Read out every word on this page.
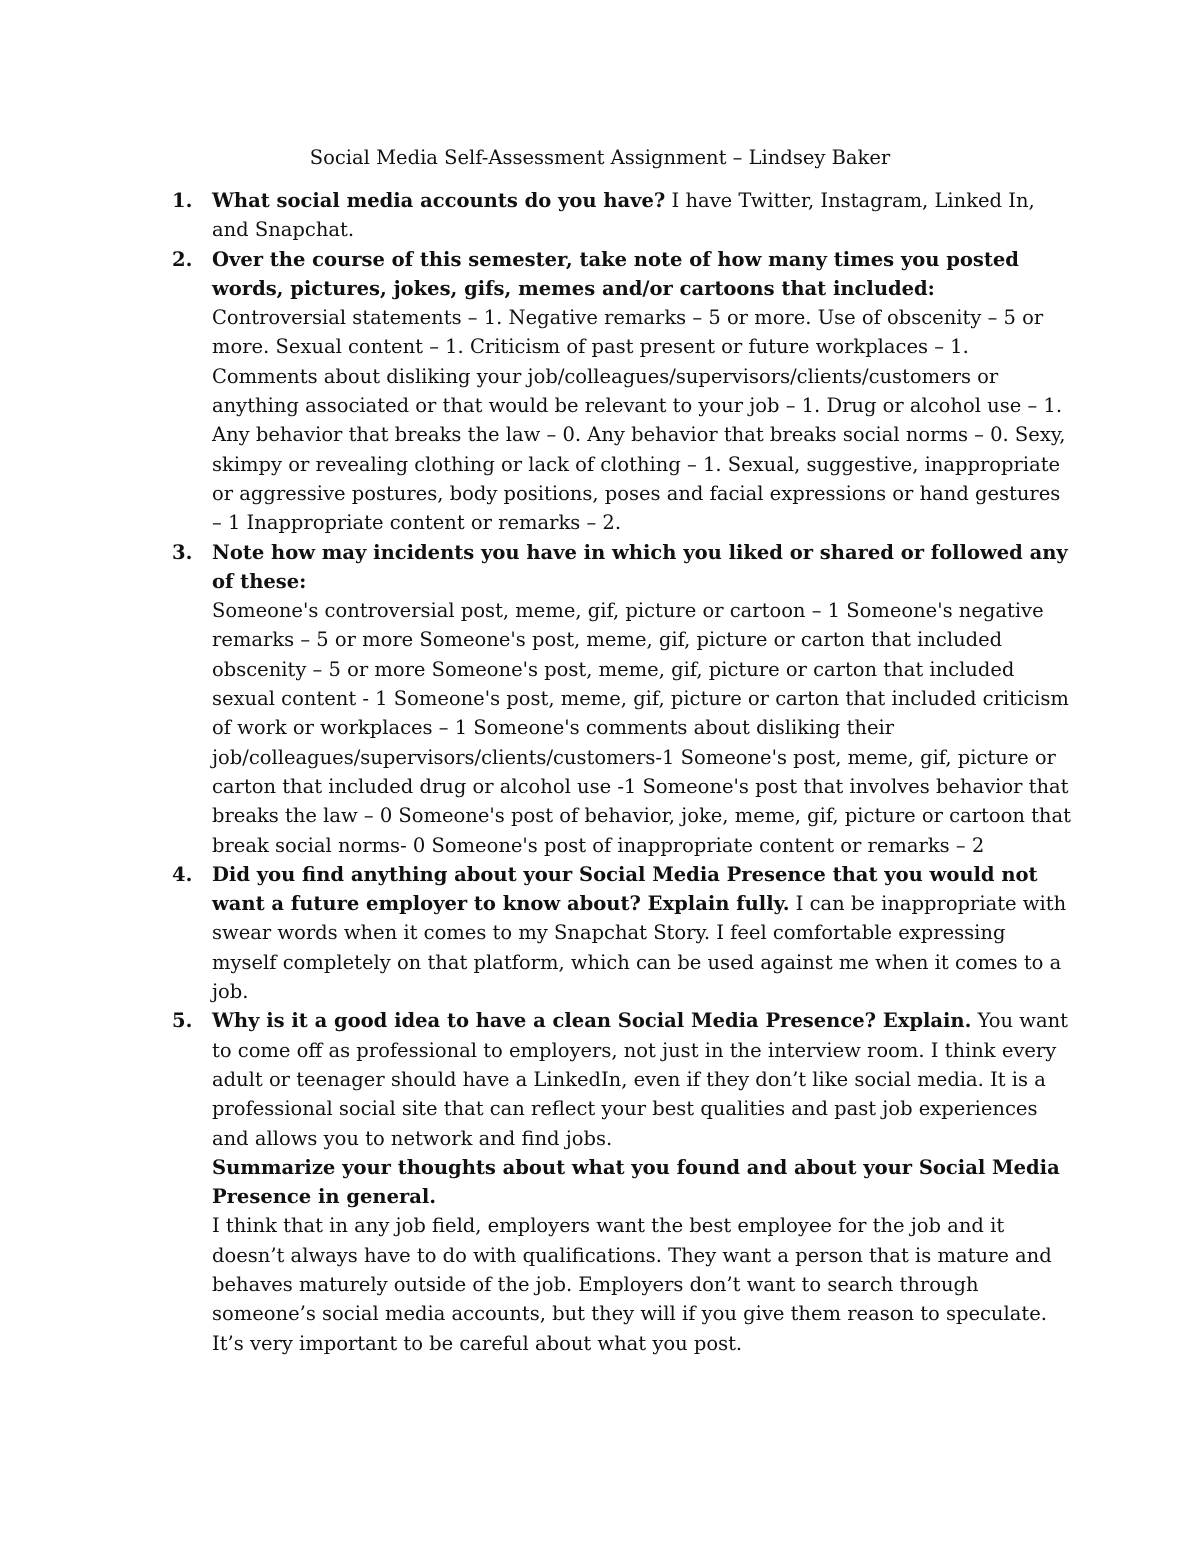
Social Media Self-Assessment Assignment – Lindsey Baker
1. What social media accounts do you have? I have Twitter, Instagram, Linked In, and Snapchat.
2. Over the course of this semester, take note of how many times you posted words, pictures, jokes, gifs, memes and/or cartoons that included:
Controversial statements – 1. Negative remarks – 5 or more. Use of obscenity – 5 or more. Sexual content – 1. Criticism of past present or future workplaces – 1. Comments about disliking your job/colleagues/supervisors/clients/customers or anything associated or that would be relevant to your job – 1. Drug or alcohol use – 1. Any behavior that breaks the law – 0. Any behavior that breaks social norms – 0. Sexy, skimpy or revealing clothing or lack of clothing – 1. Sexual, suggestive, inappropriate or aggressive postures, body positions, poses and facial expressions or hand gestures – 1 Inappropriate content or remarks – 2.
3. Note how may incidents you have in which you liked or shared or followed any of these:
Someone's controversial post, meme, gif, picture or cartoon – 1 Someone's negative remarks – 5 or more Someone's post, meme, gif, picture or carton that included obscenity – 5 or more Someone's post, meme, gif, picture or carton that included sexual content - 1 Someone's post, meme, gif, picture or carton that included criticism of work or workplaces – 1 Someone's comments about disliking their job/colleagues/supervisors/clients/customers-1 Someone's post, meme, gif, picture or carton that included drug or alcohol use -1 Someone's post that involves behavior that breaks the law – 0 Someone's post of behavior, joke, meme, gif, picture or cartoon that break social norms- 0 Someone's post of inappropriate content or remarks – 2
4. Did you find anything about your Social Media Presence that you would not want a future employer to know about? Explain fully. I can be inappropriate with swear words when it comes to my Snapchat Story. I feel comfortable expressing myself completely on that platform, which can be used against me when it comes to a job.
5. Why is it a good idea to have a clean Social Media Presence? Explain. You want to come off as professional to employers, not just in the interview room. I think every adult or teenager should have a LinkedIn, even if they don’t like social media. It is a professional social site that can reflect your best qualities and past job experiences and allows you to network and find jobs.
Summarize your thoughts about what you found and about your Social Media Presence in general.
I think that in any job field, employers want the best employee for the job and it doesn’t always have to do with qualifications. They want a person that is mature and behaves maturely outside of the job. Employers don’t want to search through someone’s social media accounts, but they will if you give them reason to speculate. It’s very important to be careful about what you post.
